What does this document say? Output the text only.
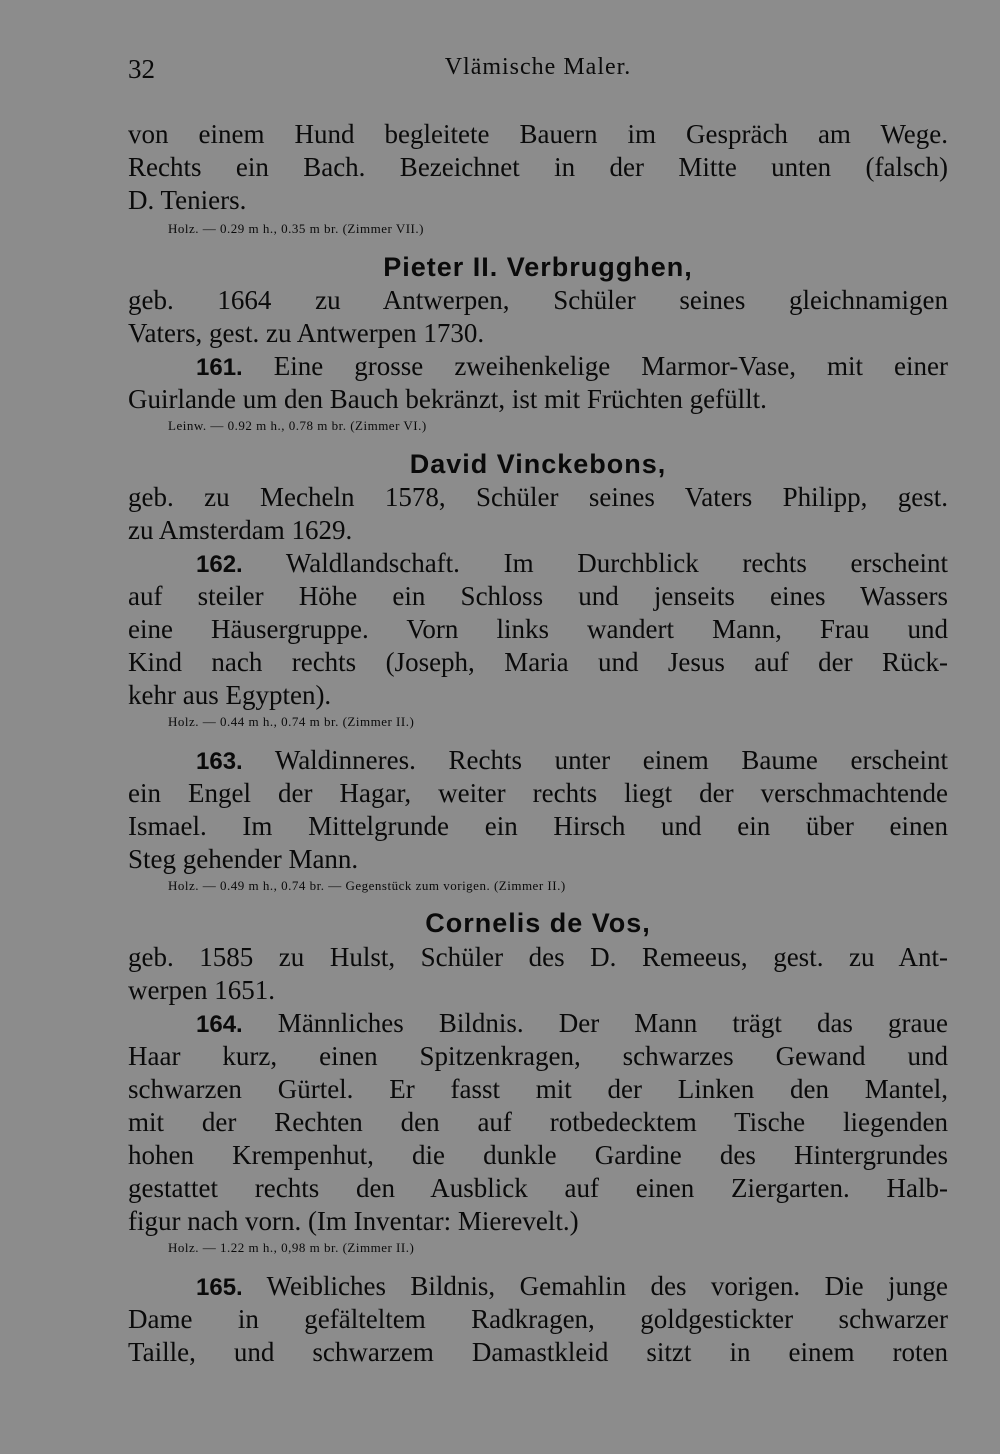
32	Vlämische Maler.
von einem Hund begleitete Bauern im Gespräch am Wege.
Rechts ein Bach. Bezeichnet in der Mitte unten (falsch)
D. Teniers.
Holz. — 0.29 m h., 0.35 m br. (Zimmer VII.)
Pieter II. Verbrugghen,
geb. 1664 zu Antwerpen, Schüler seines gleichnamigen
Vaters, gest. zu Antwerpen 1730.
161. Eine grosse zweihenkelige Marmor-Vase, mit einer
Guirlande um den Bauch bekränzt, ist mit Früchten gefüllt.
Leinw. — 0.92 m h., 0.78 m br. (Zimmer VI.)
David Vinckebons,
geb. zu Mecheln 1578, Schüler seines Vaters Philipp, gest.
zu Amsterdam 1629.
162. Waldlandschaft. Im Durchblick rechts erscheint
auf steiler Höhe ein Schloss und jenseits eines Wassers
eine Häusergruppe. Vorn links wandert Mann, Frau und
Kind nach rechts (Joseph, Maria und Jesus auf der Rück-
kehr aus Egypten).
Holz. — 0.44 m h., 0.74 m br. (Zimmer II.)
163. Waldinneres. Rechts unter einem Baume erscheint
ein Engel der Hagar, weiter rechts liegt der verschmachtende
Ismael. Im Mittelgrunde ein Hirsch und ein über einen
Steg gehender Mann.
Holz. — 0.49 m h., 0.74 br. — Gegenstück zum vorigen. (Zimmer II.)
Cornelis de Vos,
geb. 1585 zu Hulst, Schüler des D. Remeeus, gest. zu Ant-
werpen 1651.
164. Männliches Bildnis. Der Mann trägt das graue
Haar kurz, einen Spitzenkragen, schwarzes Gewand und
schwarzen Gürtel. Er fasst mit der Linken den Mantel,
mit der Rechten den auf rotbedecktem Tische liegenden
hohen Krempenhut, die dunkle Gardine des Hintergrundes
gestattet rechts den Ausblick auf einen Ziergarten. Halb-
figur nach vorn. (Im Inventar: Mierevelt.)
Holz. — 1.22 m h., 0,98 m br. (Zimmer II.)
165. Weibliches Bildnis, Gemahlin des vorigen. Die junge
Dame in gefälteltem Radkragen, goldgestickter schwarzer
Taille, und schwarzem Damastkleid sitzt in einem roten
